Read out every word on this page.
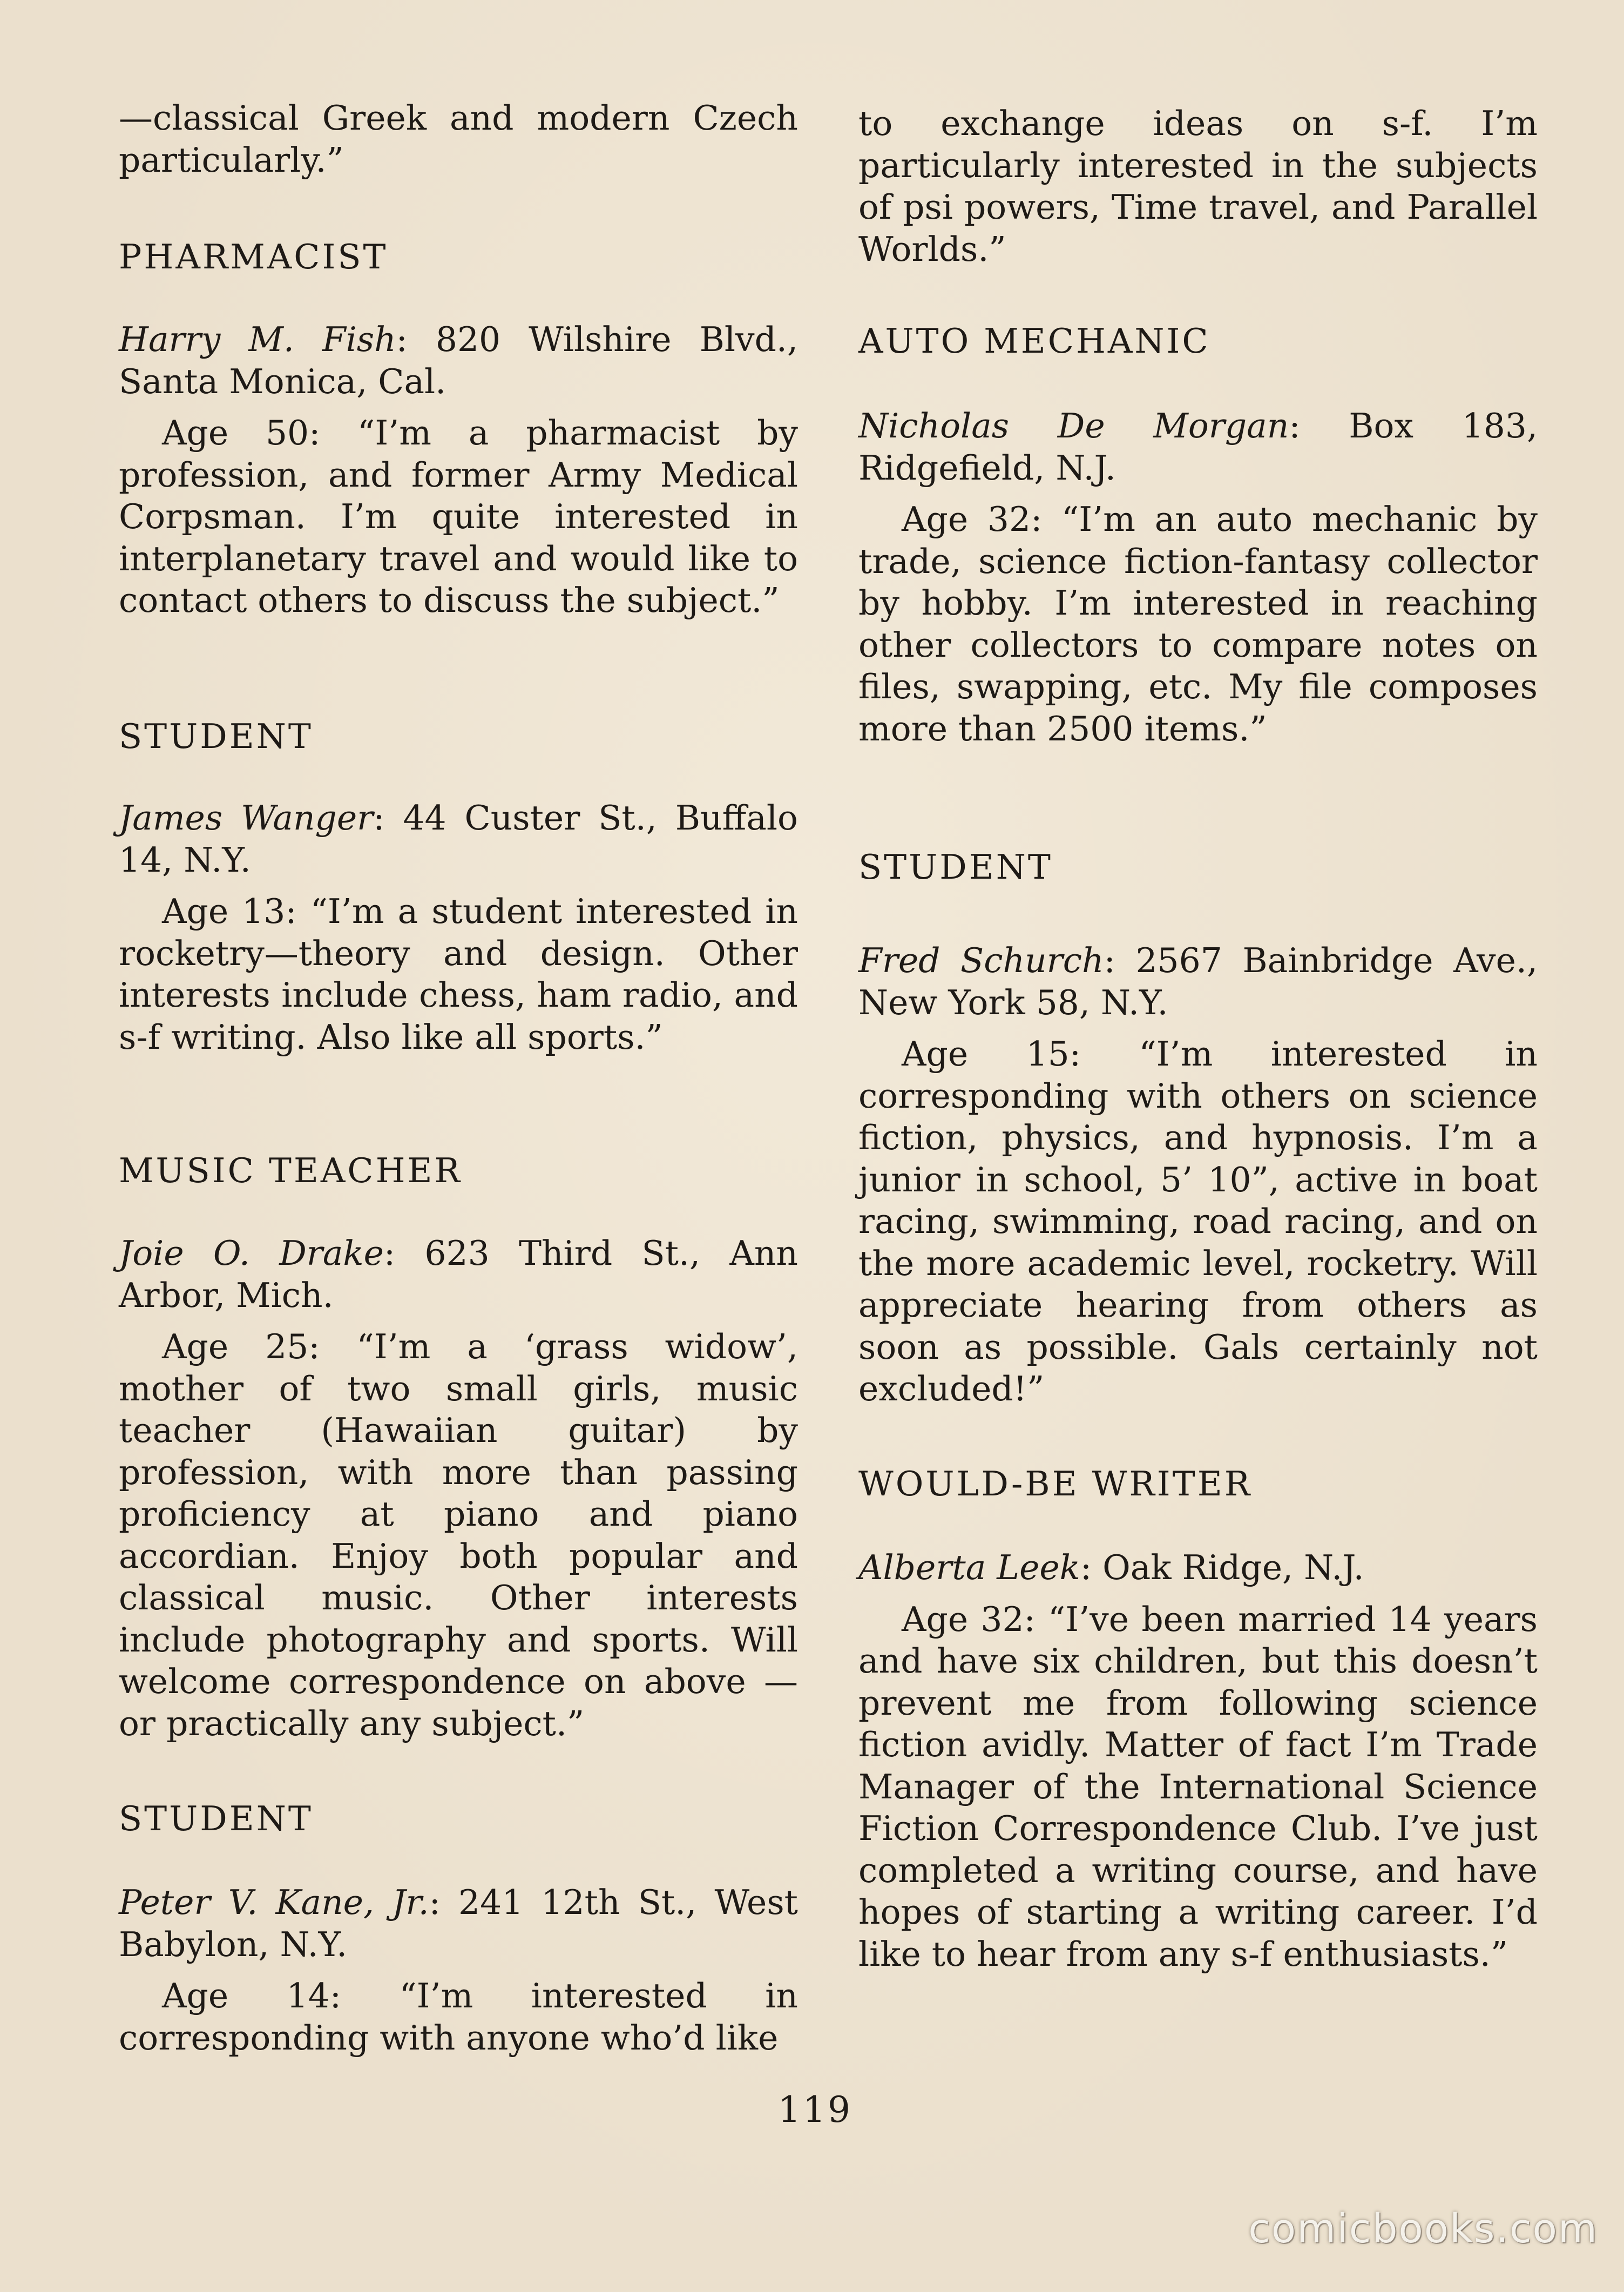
—classical Greek and modern Czech particularly.”
PHARMACIST
Harry M. Fish: 820 Wilshire Blvd., Santa Monica, Cal.
Age 50: “I’m a pharmacist by profession, and former Army Medical Corpsman. I’m quite interested in interplanetary travel and would like to contact others to discuss the subject.”
STUDENT
James Wanger: 44 Custer St., Buffalo 14, N.Y.
Age 13: “I’m a student interested in rocketry—theory and design. Other interests include chess, ham radio, and s-f writing. Also like all sports.”
MUSIC TEACHER
Joie O. Drake: 623 Third St., Ann Arbor, Mich.
Age 25: “I’m a ‘grass widow’, mother of two small girls, music teacher (Hawaiian guitar) by profession, with more than passing proficiency at piano and piano accordian. Enjoy both popular and classical music. Other interests include photography and sports. Will welcome correspondence on above —or practically any subject.”
STUDENT
Peter V. Kane, Jr.: 241 12th St., West Babylon, N.Y.
Age 14: “I’m interested in corresponding with anyone who’d like
to exchange ideas on s-f. I’m particularly interested in the subjects of psi powers, Time travel, and Parallel Worlds.”
AUTO MECHANIC
Nicholas De Morgan: Box 183, Ridgefield, N.J.
Age 32: “I’m an auto mechanic by trade, science fiction-fantasy collector by hobby. I’m interested in reaching other collectors to compare notes on files, swapping, etc. My file composes more than 2500 items.”
STUDENT
Fred Schurch: 2567 Bainbridge Ave., New York 58, N.Y.
Age 15: “I’m interested in corresponding with others on science fiction, physics, and hypnosis. I’m a junior in school, 5’ 10”, active in boat racing, swimming, road racing, and on the more academic level, rocketry. Will appreciate hearing from others as soon as possible. Gals certainly not excluded!”
WOULD-BE WRITER
Alberta Leek: Oak Ridge, N.J.
Age 32: “I’ve been married 14 years and have six children, but this doesn’t prevent me from following science fiction avidly. Matter of fact I’m Trade Manager of the International Science Fiction Correspondence Club. I’ve just completed a writing course, and have hopes of starting a writing career. I’d like to hear from any s-f enthusiasts.”
119
comicbooks.com
